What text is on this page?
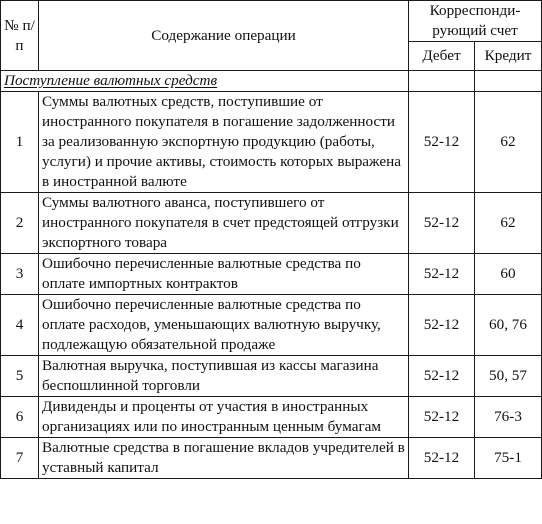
№ п/п	Содержание операции	Корреспонди-рующий счет	
		Дебет	Кредит
Поступление валютных средств			
1	Суммы валютных средств, поступившие от иностранного покупателя в погашение задолженности за реализованную экспортную продукцию (работы, услуги) и прочие активы, стоимость которых выражена в иностранной валюте	52-12	62
2	Суммы валютного аванса, поступившего от иностранного покупателя в счет предстоящей отгрузки экспортного товара	52-12	62
3	Ошибочно перечисленные валютные средства по оплате импортных контрактов	52-12	60
4	Ошибочно перечисленные валютные средства по оплате расходов, уменьшающих валютную выручку, подлежащую обязательной продаже	52-12	60, 76
5	Валютная выручка, поступившая из кассы магазина беспошлинной торговли	52-12	50, 57
6	Дивиденды и проценты от участия в иностранных организациях или по иностранным ценным бумагам	52-12	76-3
7	Валютные средства в погашение вкладов учредителей в уставный капитал	52-12	75-1
